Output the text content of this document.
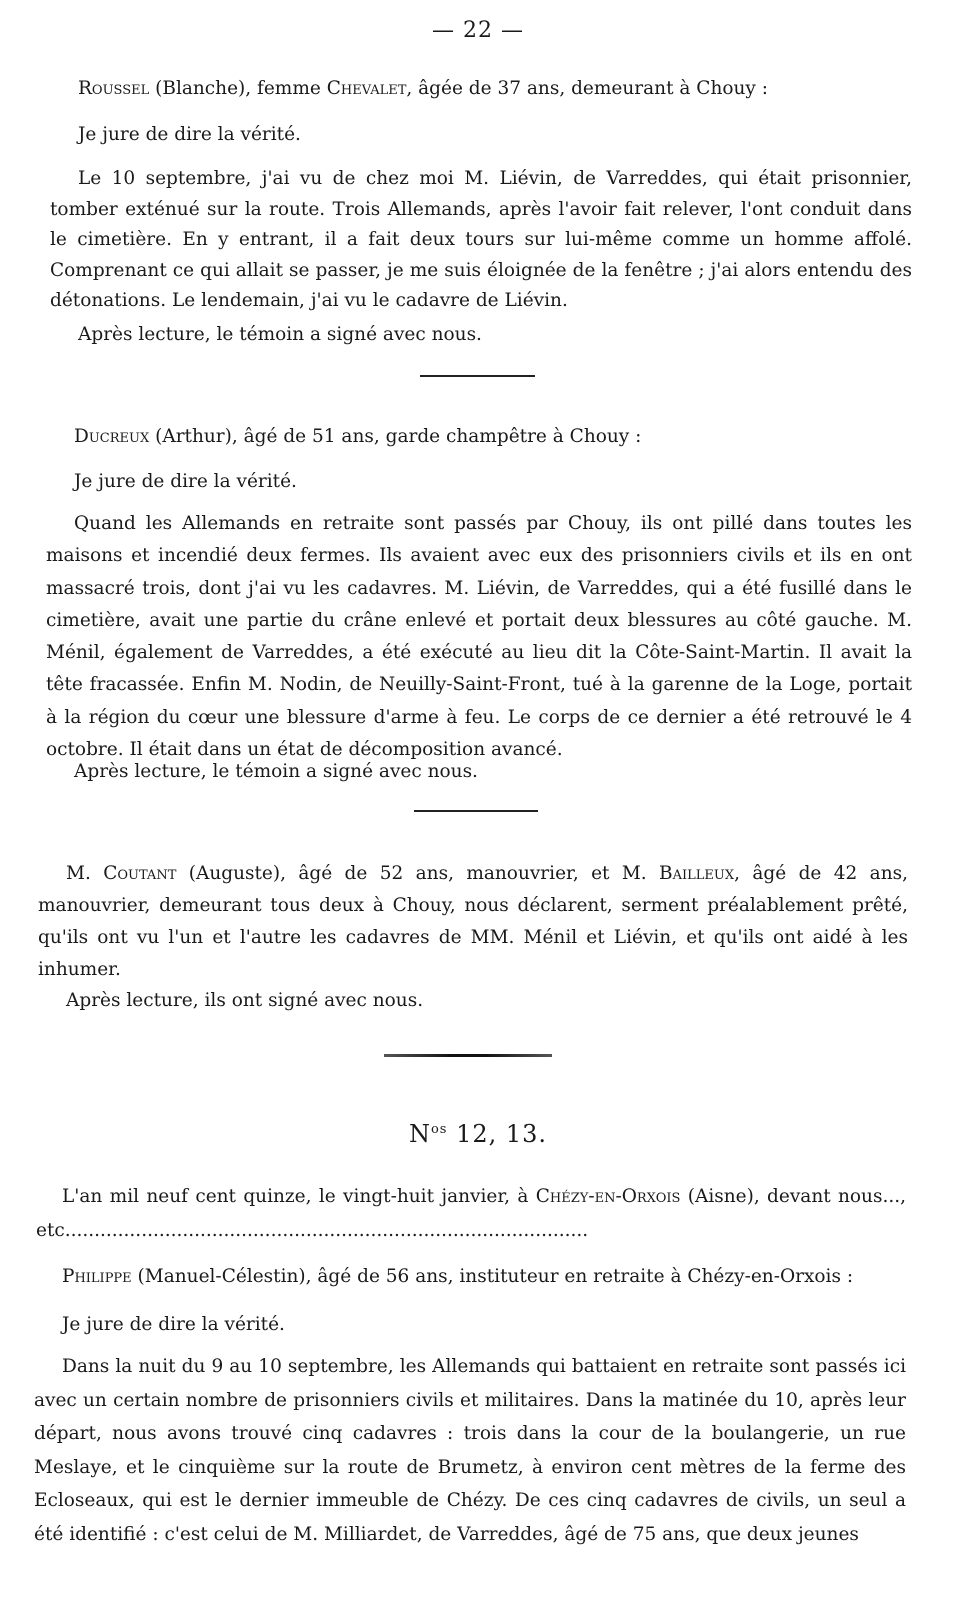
— 22 —

Roussel (Blanche), femme Chevalet, âgée de 37 ans, demeurant à Chouy :

Je jure de dire la vérité.

Le 10 septembre, j'ai vu de chez moi M. Liévin, de Varreddes, qui était prisonnier, tomber exténué sur la route. Trois Allemands, après l'avoir fait relever, l'ont conduit dans le cimetière. En y entrant, il a fait deux tours sur lui-même comme un homme affolé. Comprenant ce qui allait se passer, je me suis éloignée de la fenêtre ; j'ai alors entendu des détonations. Le lendemain, j'ai vu le cadavre de Liévin.

Après lecture, le témoin a signé avec nous.

Ducreux (Arthur), âgé de 51 ans, garde champêtre à Chouy :

Je jure de dire la vérité.

Quand les Allemands en retraite sont passés par Chouy, ils ont pillé dans toutes les maisons et incendié deux fermes. Ils avaient avec eux des prisonniers civils et ils en ont massacré trois, dont j'ai vu les cadavres. M. Liévin, de Varreddes, qui a été fusillé dans le cimetière, avait une partie du crâne enlevé et portait deux blessures au côté gauche. M. Ménil, également de Varreddes, a été exécuté au lieu dit la Côte-Saint-Martin. Il avait la tête fracassée. Enfin M. Nodin, de Neuilly-Saint-Front, tué à la garenne de la Loge, portait à la région du cœur une blessure d'arme à feu. Le corps de ce dernier a été retrouvé le 4 octobre. Il était dans un état de décomposition avancé.

Après lecture, le témoin a signé avec nous.

M. Coutant (Auguste), âgé de 52 ans, manouvrier, et M. Bailleux, âgé de 42 ans, manouvrier, demeurant tous deux à Chouy, nous déclarent, serment préalablement prêté, qu'ils ont vu l'un et l'autre les cadavres de MM. Ménil et Liévin, et qu'ils ont aidé à les inhumer.

Après lecture, ils ont signé avec nous.

$N^{os}$ 12, 13.

L'an mil neuf cent quinze, le vingt-huit janvier, à Chézy-en-Orxois (Aisne), devant nous..., etc.........................................................................................

Philippe (Manuel-Célestin), âgé de 56 ans, instituteur en retraite à Chézy-en-Orxois :

Je jure de dire la vérité.

Dans la nuit du 9 au 10 septembre, les Allemands qui battaient en retraite sont passés ici avec un certain nombre de prisonniers civils et militaires. Dans la matinée du 10, après leur départ, nous avons trouvé cinq cadavres : trois dans la cour de la boulangerie, un rue Meslaye, et le cinquième sur la route de Brumetz, à environ cent mètres de la ferme des Ecloseaux, qui est le dernier immeuble de Chézy. De ces cinq cadavres de civils, un seul a été identifié : c'est celui de M. Milliardet, de Varreddes, âgé de 75 ans, que deux jeunes
